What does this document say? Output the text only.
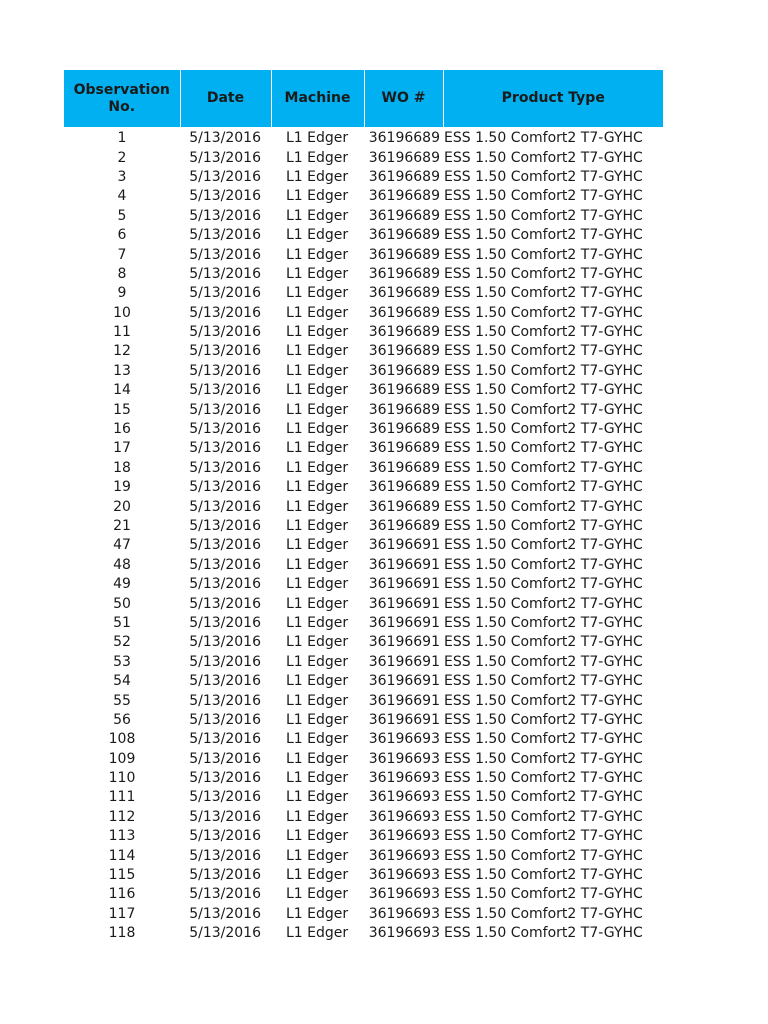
Observation No.	Date	Machine	WO #	Product Type

1	5/13/2016	L1 Edger	36196689	ESS 1.50 Comfort2 T7-GYHC
2	5/13/2016	L1 Edger	36196689	ESS 1.50 Comfort2 T7-GYHC
3	5/13/2016	L1 Edger	36196689	ESS 1.50 Comfort2 T7-GYHC
4	5/13/2016	L1 Edger	36196689	ESS 1.50 Comfort2 T7-GYHC
5	5/13/2016	L1 Edger	36196689	ESS 1.50 Comfort2 T7-GYHC
6	5/13/2016	L1 Edger	36196689	ESS 1.50 Comfort2 T7-GYHC
7	5/13/2016	L1 Edger	36196689	ESS 1.50 Comfort2 T7-GYHC
8	5/13/2016	L1 Edger	36196689	ESS 1.50 Comfort2 T7-GYHC
9	5/13/2016	L1 Edger	36196689	ESS 1.50 Comfort2 T7-GYHC
10	5/13/2016	L1 Edger	36196689	ESS 1.50 Comfort2 T7-GYHC
11	5/13/2016	L1 Edger	36196689	ESS 1.50 Comfort2 T7-GYHC
12	5/13/2016	L1 Edger	36196689	ESS 1.50 Comfort2 T7-GYHC
13	5/13/2016	L1 Edger	36196689	ESS 1.50 Comfort2 T7-GYHC
14	5/13/2016	L1 Edger	36196689	ESS 1.50 Comfort2 T7-GYHC
15	5/13/2016	L1 Edger	36196689	ESS 1.50 Comfort2 T7-GYHC
16	5/13/2016	L1 Edger	36196689	ESS 1.50 Comfort2 T7-GYHC
17	5/13/2016	L1 Edger	36196689	ESS 1.50 Comfort2 T7-GYHC
18	5/13/2016	L1 Edger	36196689	ESS 1.50 Comfort2 T7-GYHC
19	5/13/2016	L1 Edger	36196689	ESS 1.50 Comfort2 T7-GYHC
20	5/13/2016	L1 Edger	36196689	ESS 1.50 Comfort2 T7-GYHC
21	5/13/2016	L1 Edger	36196689	ESS 1.50 Comfort2 T7-GYHC
47	5/13/2016	L1 Edger	36196691	ESS 1.50 Comfort2 T7-GYHC
48	5/13/2016	L1 Edger	36196691	ESS 1.50 Comfort2 T7-GYHC
49	5/13/2016	L1 Edger	36196691	ESS 1.50 Comfort2 T7-GYHC
50	5/13/2016	L1 Edger	36196691	ESS 1.50 Comfort2 T7-GYHC
51	5/13/2016	L1 Edger	36196691	ESS 1.50 Comfort2 T7-GYHC
52	5/13/2016	L1 Edger	36196691	ESS 1.50 Comfort2 T7-GYHC
53	5/13/2016	L1 Edger	36196691	ESS 1.50 Comfort2 T7-GYHC
54	5/13/2016	L1 Edger	36196691	ESS 1.50 Comfort2 T7-GYHC
55	5/13/2016	L1 Edger	36196691	ESS 1.50 Comfort2 T7-GYHC
56	5/13/2016	L1 Edger	36196691	ESS 1.50 Comfort2 T7-GYHC
108	5/13/2016	L1 Edger	36196693	ESS 1.50 Comfort2 T7-GYHC
109	5/13/2016	L1 Edger	36196693	ESS 1.50 Comfort2 T7-GYHC
110	5/13/2016	L1 Edger	36196693	ESS 1.50 Comfort2 T7-GYHC
111	5/13/2016	L1 Edger	36196693	ESS 1.50 Comfort2 T7-GYHC
112	5/13/2016	L1 Edger	36196693	ESS 1.50 Comfort2 T7-GYHC
113	5/13/2016	L1 Edger	36196693	ESS 1.50 Comfort2 T7-GYHC
114	5/13/2016	L1 Edger	36196693	ESS 1.50 Comfort2 T7-GYHC
115	5/13/2016	L1 Edger	36196693	ESS 1.50 Comfort2 T7-GYHC
116	5/13/2016	L1 Edger	36196693	ESS 1.50 Comfort2 T7-GYHC
117	5/13/2016	L1 Edger	36196693	ESS 1.50 Comfort2 T7-GYHC
118	5/13/2016	L1 Edger	36196693	ESS 1.50 Comfort2 T7-GYHC
